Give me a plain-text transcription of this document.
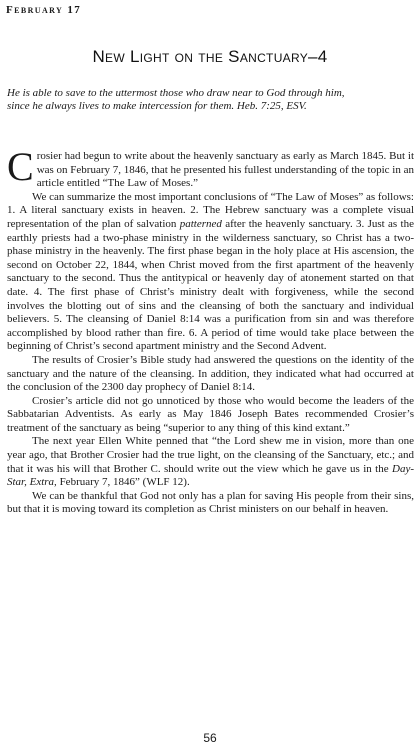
February 17
New Light on the Sanctuary–4
He is able to save to the uttermost those who draw near to God through him,
since he always lives to make intercession for them. Heb. 7:25, ESV.

Crosier had begun to write about the heavenly sanctuary as early as March 1845. But it was on February 7, 1846, that he presented his fullest understanding of the topic in an article entitled “The Law of Moses.”

We can summarize the most important conclusions of “The Law of Moses” as follows: 1. A literal sanctuary exists in heaven. 2. The Hebrew sanctuary was a complete visual representation of the plan of salvation patterned after the heavenly sanctuary. 3. Just as the earthly priests had a two-phase ministry in the wilderness sanctuary, so Christ has a two-phase ministry in the heavenly. The first phase began in the holy place at His ascension, the second on October 22, 1844, when Christ moved from the first apartment of the heavenly sanctuary to the second. Thus the antitypical or heavenly day of atonement started on that date. 4. The first phase of Christ’s ministry dealt with forgiveness, while the second involves the blotting out of sins and the cleansing of both the sanctuary and individual believers. 5. The cleansing of Daniel 8:14 was a purification from sin and was therefore accomplished by blood rather than fire. 6. A period of time would take place between the beginning of Christ’s second apartment ministry and the Second Advent.

The results of Crosier’s Bible study had answered the questions on the identity of the sanctuary and the nature of the cleansing. In addition, they indicated what had occurred at the conclusion of the 2300 day prophecy of Daniel 8:14.

Crosier’s article did not go unnoticed by those who would become the leaders of the Sabbatarian Adventists. As early as May 1846 Joseph Bates recommended Crosier’s treatment of the sanctuary as being “superior to any thing of this kind extant.”

The next year Ellen White penned that “the Lord shew me in vision, more than one year ago, that Brother Crosier had the true light, on the cleansing of the Sanctuary, etc.; and that it was his will that Brother C. should write out the view which he gave us in the Day-Star, Extra, February 7, 1846” (WLF 12).

We can be thankful that God not only has a plan for saving His people from their sins, but that it is moving toward its completion as Christ ministers on our behalf in heaven.

56
